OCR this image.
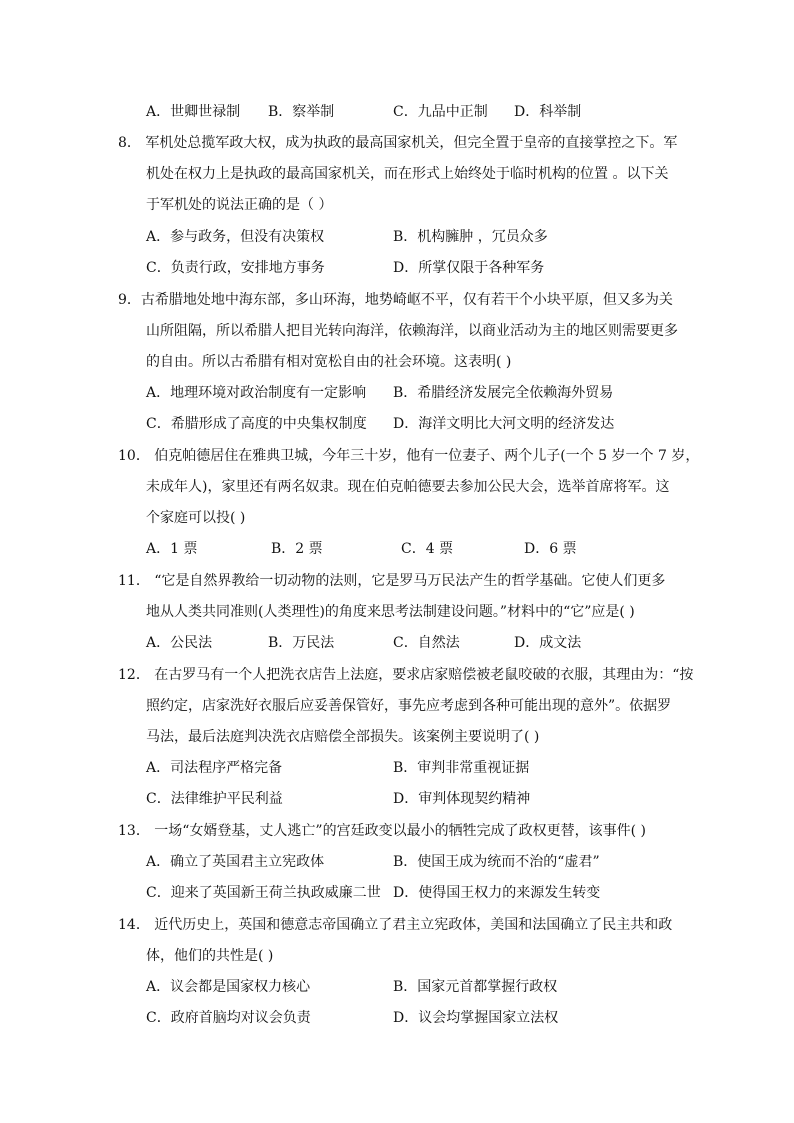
A．世卿世禄制 B．察举制	C．九品中正制 D．科举制
8． 军机处总揽军政大权，成为执政的最高国家机关，但完全置于皇帝的直接掌控之下。军
机处在权力上是执政的最高国家机关，而在形式上始终处于临时机构的位置 。以下关
于军机处的说法正确的是（ ）
A．参与政务，但没有决策权	B．机构臃肿 ，冗员众多
C．负责行政，安排地方事务	D．所掌仅限于各种军务
9．古希腊地处地中海东部，多山环海，地势崎岖不平，仅有若干个小块平原，但又多为关
山所阻隔，所以希腊人把目光转向海洋，依赖海洋，以商业活动为主的地区则需要更多
的自由。所以古希腊有相对宽松自由的社会环境。这表明( )
A．地理环境对政治制度有一定影响 B．希腊经济发展完全依赖海外贸易
C．希腊形成了高度的中央集权制度 D．海洋文明比大河文明的经济发达
10． 伯克帕德居住在雅典卫城，今年三十岁，他有一位妻子、两个儿子(一个 5 岁一个 7 岁，
未成年人)，家里还有两名奴隶。现在伯克帕德要去参加公民大会，选举首席将军。这
个家庭可以投( )
A．1 票	B．2 票	C．4 票	D．6 票
11． “它是自然界教给一切动物的法则，它是罗马万民法产生的哲学基础。它使人们更多
地从人类共同准则(人类理性)的角度来思考法制建设问题。”材料中的“它”应是( )
A．公民法	B．万民法	C．自然法	D．成文法
12． 在古罗马有一个人把洗衣店告上法庭，要求店家赔偿被老鼠咬破的衣服，其理由为：“按
照约定，店家洗好衣服后应妥善保管好，事先应考虑到各种可能出现的意外”。依据罗
马法，最后法庭判决洗衣店赔偿全部损失。该案例主要说明了( )
A．司法程序严格完备	B．审判非常重视证据
C．法律维护平民利益	D．审判体现契约精神
13． 一场“女婿登基，丈人逃亡”的宫廷政变以最小的牺牲完成了政权更替，该事件( )
A．确立了英国君主立宪政体	B．使国王成为统而不治的“虚君”
C．迎来了英国新王荷兰执政威廉二世 D．使得国王权力的来源发生转变
14． 近代历史上，英国和德意志帝国确立了君主立宪政体，美国和法国确立了民主共和政
体，他们的共性是( )
A．议会都是国家权力核心	B．国家元首都掌握行政权
C．政府首脑均对议会负责	D．议会均掌握国家立法权
